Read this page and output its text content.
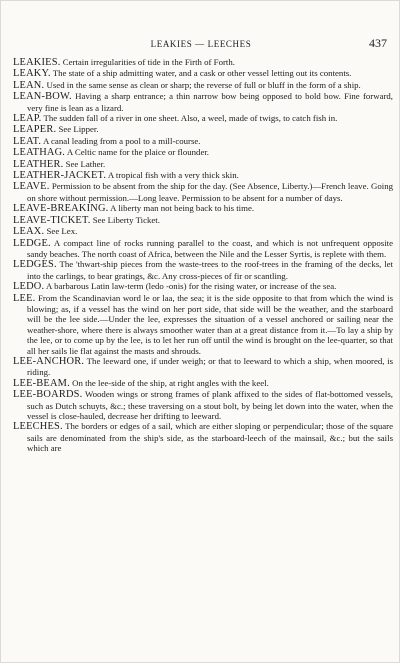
LEAKIES — LEECHES	437

LEAKIES. Certain irregularities of tide in the Firth of Forth.

LEAKY. The state of a ship admitting water, and a cask or other vessel letting out its contents.

LEAN. Used in the same sense as clean or sharp; the reverse of full or bluff in the form of a ship.

LEAN-BOW. Having a sharp entrance; a thin narrow bow being opposed to bold bow. Fine forward, very fine is lean as a lizard.

LEAP. The sudden fall of a river in one sheet. Also, a weel, made of twigs, to catch fish in.

LEAPER. See Lipper.

LEAT. A canal leading from a pool to a mill-course.

LEATHAG. A Celtic name for the plaice or flounder.

LEATHER. See Lather.

LEATHER-JACKET. A tropical fish with a very thick skin.

LEAVE. Permission to be absent from the ship for the day. (See Absence, Liberty.)—French leave. Going on shore without permission.—Long leave. Permission to be absent for a number of days.

LEAVE-BREAKING. A liberty man not being back to his time.

LEAVE-TICKET. See Liberty Ticket.

LEAX. See Lex.

LEDGE. A compact line of rocks running parallel to the coast, and which is not unfrequent opposite sandy beaches. The north coast of Africa, between the Nile and the Lesser Syrtis, is replete with them.

LEDGES. The 'thwart-ship pieces from the waste-trees to the roof-trees in the framing of the decks, let into the carlings, to bear gratings, &c. Any cross-pieces of fir or scantling.

LEDO. A barbarous Latin law-term (ledo -onis) for the rising water, or increase of the sea.

LEE. From the Scandinavian word le or laa, the sea; it is the side opposite to that from which the wind is blowing; as, if a vessel has the wind on her port side, that side will be the weather, and the starboard will be the lee side.—Under the lee, expresses the situation of a vessel anchored or sailing near the weather-shore, where there is always smoother water than at a great distance from it.—To lay a ship by the lee, or to come up by the lee, is to let her run off until the wind is brought on the lee-quarter, so that all her sails lie flat against the masts and shrouds.

LEE-ANCHOR. The leeward one, if under weigh; or that to leeward to which a ship, when moored, is riding.

LEE-BEAM. On the lee-side of the ship, at right angles with the keel.

LEE-BOARDS. Wooden wings or strong frames of plank affixed to the sides of flat-bottomed vessels, such as Dutch schuyts, &c.; these traversing on a stout bolt, by being let down into the water, when the vessel is close-hauled, decrease her drifting to leeward.

LEECHES. The borders or edges of a sail, which are either sloping or perpendicular; those of the square sails are denominated from the ship's side, as the starboard-leech of the mainsail, &c.; but the sails which are
